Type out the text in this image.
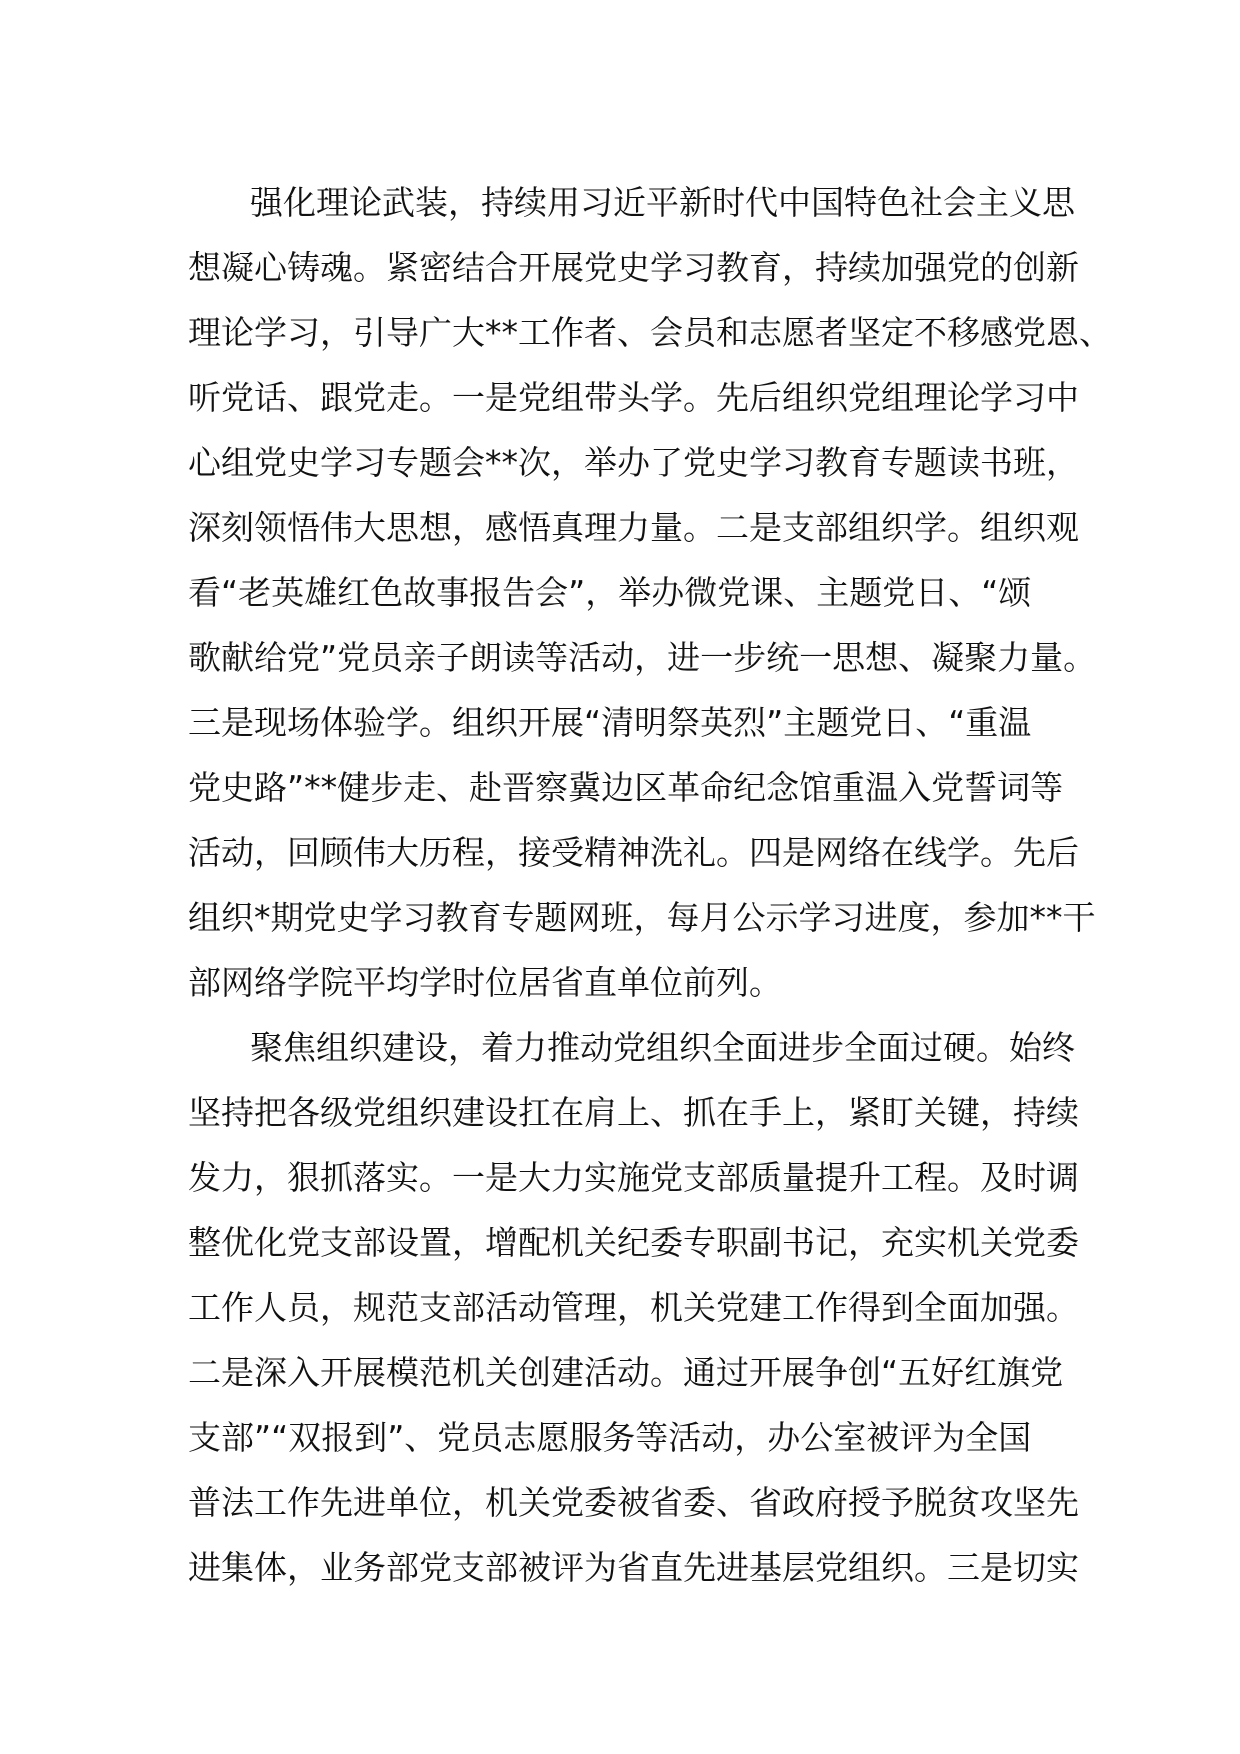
强化理论武装，持续用习近平新时代中国特色社会主义思
想凝心铸魂。紧密结合开展党史学习教育，持续加强党的创新
理论学习，引导广大**工作者、会员和志愿者坚定不移感党恩、
听党话、跟党走。一是党组带头学。先后组织党组理论学习中
心组党史学习专题会**次，举办了党史学习教育专题读书班，
深刻领悟伟大思想，感悟真理力量。二是支部组织学。组织观
看“老英雄红色故事报告会”，举办微党课、主题党日、“颂
歌献给党”党员亲子朗读等活动，进一步统一思想、凝聚力量。
三是现场体验学。组织开展“清明祭英烈”主题党日、“重温
党史路”**健步走、赴晋察冀边区革命纪念馆重温入党誓词等
活动，回顾伟大历程，接受精神洗礼。四是网络在线学。先后
组织*期党史学习教育专题网班，每月公示学习进度，参加**干
部网络学院平均学时位居省直单位前列。
聚焦组织建设，着力推动党组织全面进步全面过硬。始终
坚持把各级党组织建设扛在肩上、抓在手上，紧盯关键，持续
发力，狠抓落实。一是大力实施党支部质量提升工程。及时调
整优化党支部设置，增配机关纪委专职副书记，充实机关党委
工作人员，规范支部活动管理，机关党建工作得到全面加强。
二是深入开展模范机关创建活动。通过开展争创“五好红旗党
支部”“双报到”、党员志愿服务等活动，办公室被评为全国
普法工作先进单位，机关党委被省委、省政府授予脱贫攻坚先
进集体，业务部党支部被评为省直先进基层党组织。三是切实
